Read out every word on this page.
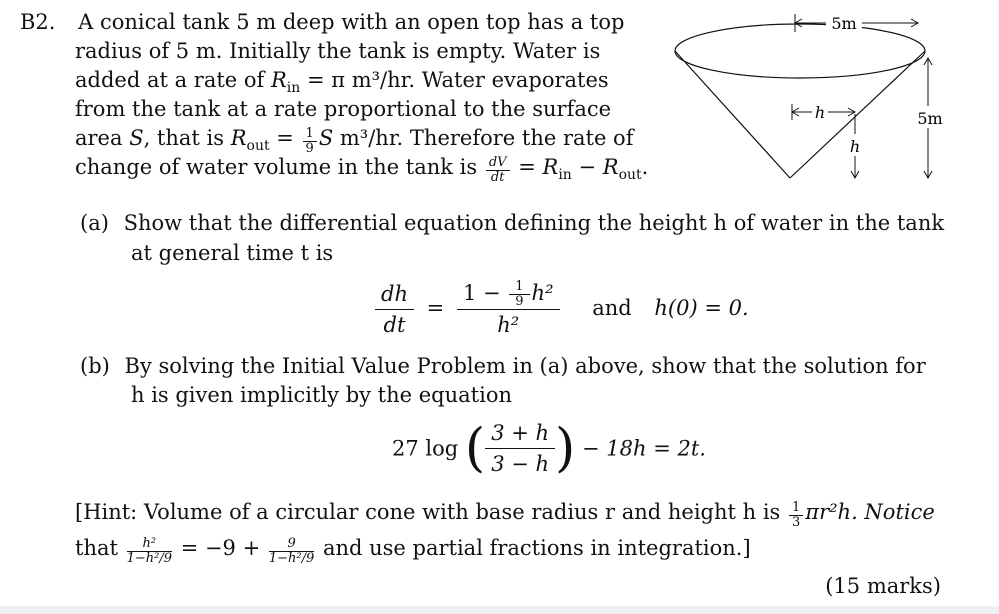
B2. A conical tank 5 m deep with an open top has a top
radius of 5 m. Initially the tank is empty. Water is
added at a rate of $R_{in} = \pi$ m³/hr. Water evaporates
from the tank at a rate proportional to the surface
area S, that is $R_{out} = \frac{1}{9}$ S m³/hr. Therefore the rate of
change of water volume in the tank is $\frac{dV}{dt} = R_{in} - R_{out}$.
5m
h
h
5m
(a) Show that the differential equation defining the height h of water in the tank
at general time t is
$\frac{dh}{dt} = \frac{1 - \frac{1}{9} h^2}{\text{h²}}$ and h(0) = 0.
(b) By solving the Initial Value Problem in (a) above, show that the solution for
h is given implicitly by the equation
27 log ( $\frac{3 + h}{3 - h}$ ) − 18h = 2t.
[Hint: Volume of a circular cone with base radius r and height h is $\frac{1}{3} \pi r^2h$. Notice
that $\frac{\text{h²}}{\text{1−h²/9}} = -9 + \frac{9}{\text{1−h²/9}}$ and use partial fractions in integration.]
(15 marks)
